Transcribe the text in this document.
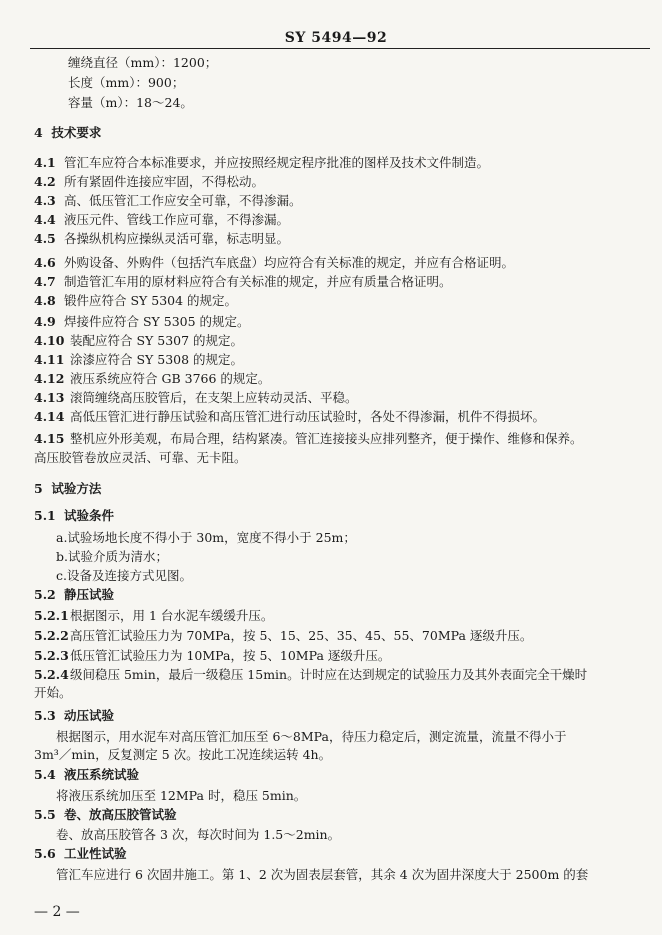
SY 5494—92
缠绕直径（mm）：1200；
长度（mm）：900；
容量（m）：18～24。
4 技术要求
4.1 管汇车应符合本标准要求，并应按照经规定程序批准的图样及技术文件制造。
4.2 所有紧固件连接应牢固，不得松动。
4.3 高、低压管汇工作应安全可靠，不得渗漏。
4.4 液压元件、管线工作应可靠，不得渗漏。
4.5 各操纵机构应操纵灵活可靠，标志明显。
4.6 外购设备、外购件（包括汽车底盘）均应符合有关标准的规定，并应有合格证明。
4.7 制造管汇车用的原材料应符合有关标准的规定，并应有质量合格证明。
4.8 锻件应符合 SY 5304 的规定。
4.9 焊接件应符合 SY 5305 的规定。
4.10 装配应符合 SY 5307 的规定。
4.11 涂漆应符合 SY 5308 的规定。
4.12 液压系统应符合 GB 3766 的规定。
4.13 滚筒缠绕高压胶管后，在支架上应转动灵活、平稳。
4.14 高低压管汇进行静压试验和高压管汇进行动压试验时，各处不得渗漏，机件不得损坏。
4.15 整机应外形美观，布局合理，结构紧凑。管汇连接接头应排列整齐，便于操作、维修和保养。
高压胶管卷放应灵活、可靠、无卡阻。
5 试验方法
5.1 试验条件
a.试验场地长度不得小于 30m，宽度不得小于 25m；
b.试验介质为清水；
c.设备及连接方式见图。
5.2 静压试验
5.2.1根据图示，用 1 台水泥车缓缓升压。
5.2.2高压管汇试验压力为 70MPa，按 5、15、25、35、45、55、70MPa 逐级升压。
5.2.3低压管汇试验压力为 10MPa，按 5、10MPa 逐级升压。
5.2.4级间稳压 5min，最后一级稳压 15min。计时应在达到规定的试验压力及其外表面完全干燥时
开始。
5.3 动压试验
根据图示，用水泥车对高压管汇加压至 6～8MPa，待压力稳定后，测定流量，流量不得小于
3m³／min，反复测定 5 次。按此工况连续运转 4h。
5.4 液压系统试验
将液压系统加压至 12MPa 时，稳压 5min。
5.5 卷、放高压胶管试验
卷、放高压胶管各 3 次，每次时间为 1.5～2min。
5.6 工业性试验
管汇车应进行 6 次固井施工。第 1、2 次为固表层套管，其余 4 次为固井深度大于 2500m 的套
— 2 —
